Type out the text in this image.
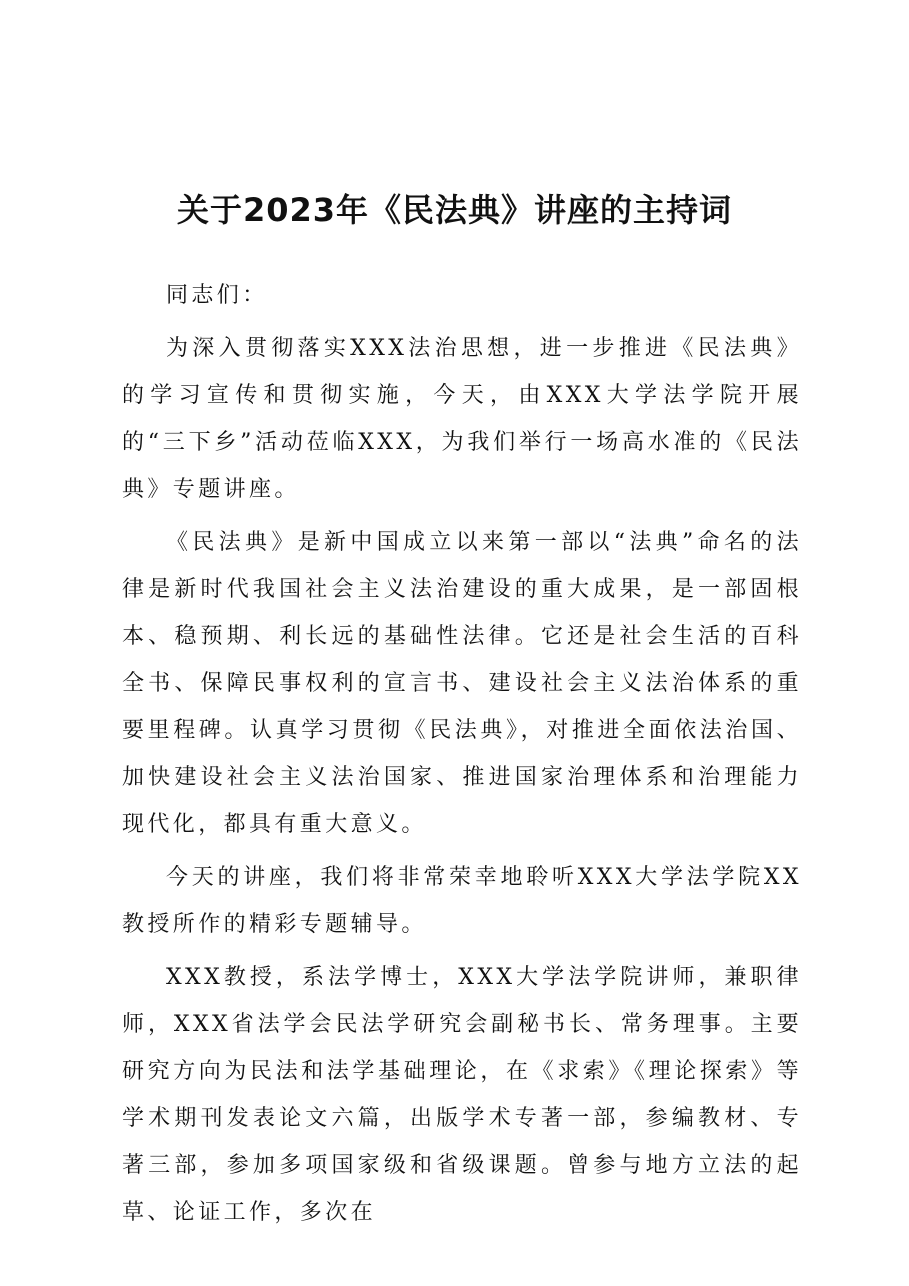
关于2023年《民法典》讲座的主持词

同志们：

为深入贯彻落实XXX法治思想，进一步推进《民法典》的学习宣传和贯彻实施，今天，由XXX大学法学院开展的“三下乡”活动莅临XXX，为我们举行一场高水准的《民法典》专题讲座。

《民法典》是新中国成立以来第一部以“法典”命名的法律是新时代我国社会主义法治建设的重大成果，是一部固根本、稳预期、利长远的基础性法律。它还是社会生活的百科全书、保障民事权利的宣言书、建设社会主义法治体系的重要里程碑。认真学习贯彻《民法典》，对推进全面依法治国、加快建设社会主义法治国家、推进国家治理体系和治理能力现代化，都具有重大意义。

今天的讲座，我们将非常荣幸地聆听XXX大学法学院XX教授所作的精彩专题辅导。

XXX教授，系法学博士，XXX大学法学院讲师，兼职律师，XXX省法学会民法学研究会副秘书长、常务理事。主要研究方向为民法和法学基础理论，在《求索》《理论探索》等学术期刊发表论文六篇，出版学术专著一部，参编教材、专著三部，参加多项国家级和省级课题。曾参与地方立法的起草、论证工作，多次在
